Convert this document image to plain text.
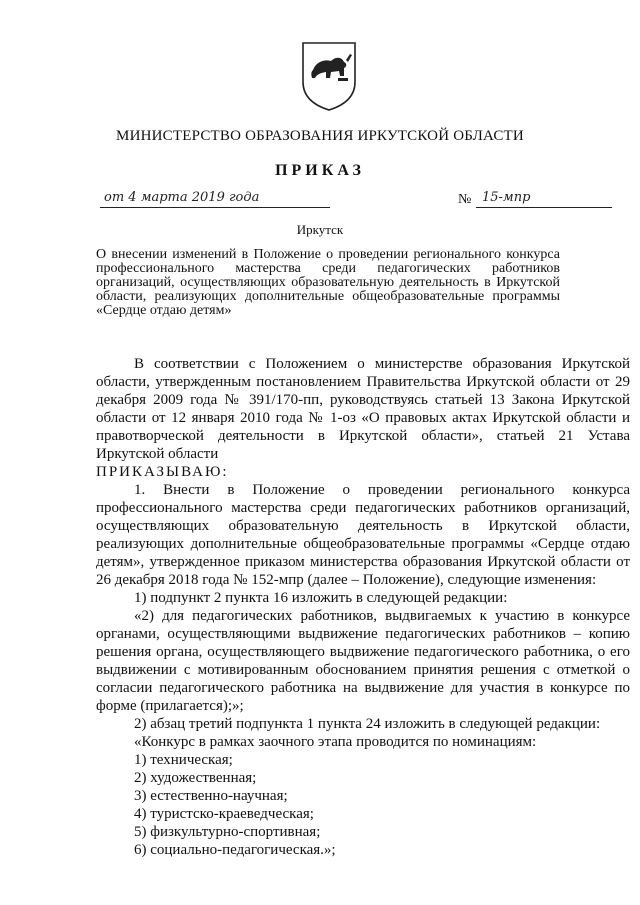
МИНИСТЕРСТВО ОБРАЗОВАНИЯ ИРКУТСКОЙ ОБЛАСТИ
ПРИКАЗ
от 4 марта 2019 года	№ 15-мпр
Иркутск
О внесении изменений в Положение о проведении регионального конкурса профессионального мастерства среди педагогических работников организаций, осуществляющих образовательную деятельность в Иркутской области, реализующих дополнительные общеобразовательные программы «Сердце отдаю детям»

В соответствии с Положением о министерстве образования Иркутской области, утвержденным постановлением Правительства Иркутской области от 29 декабря 2009 года № 391/170-пп, руководствуясь статьей 13 Закона Иркутской области от 12 января 2010 года № 1-оз «О правовых актах Иркутской области и правотворческой деятельности в Иркутской области», статьей 21 Устава Иркутской области

ПРИКАЗЫВАЮ:

1. Внести в Положение о проведении регионального конкурса профессионального мастерства среди педагогических работников организаций, осуществляющих образовательную деятельность в Иркутской области, реализующих дополнительные общеобразовательные программы «Сердце отдаю детям», утвержденное приказом министерства образования Иркутской области от 26 декабря 2018 года № 152-мпр (далее – Положение), следующие изменения:

1) подпункт 2 пункта 16 изложить в следующей редакции:

«2) для педагогических работников, выдвигаемых к участию в конкурсе органами, осуществляющими выдвижение педагогических работников – копию решения органа, осуществляющего выдвижение педагогического работника, о его выдвижении с мотивированным обоснованием принятия решения с отметкой о согласии педагогического работника на выдвижение для участия в конкурсе по форме (прилагается);»;

2) абзац третий подпункта 1 пункта 24 изложить в следующей редакции:

«Конкурс в рамках заочного этапа проводится по номинациям:

1) техническая;

2) художественная;

3) естественно-научная;

4) туристско-краеведческая;

5) физкультурно-спортивная;

6) социально-педагогическая.»;
